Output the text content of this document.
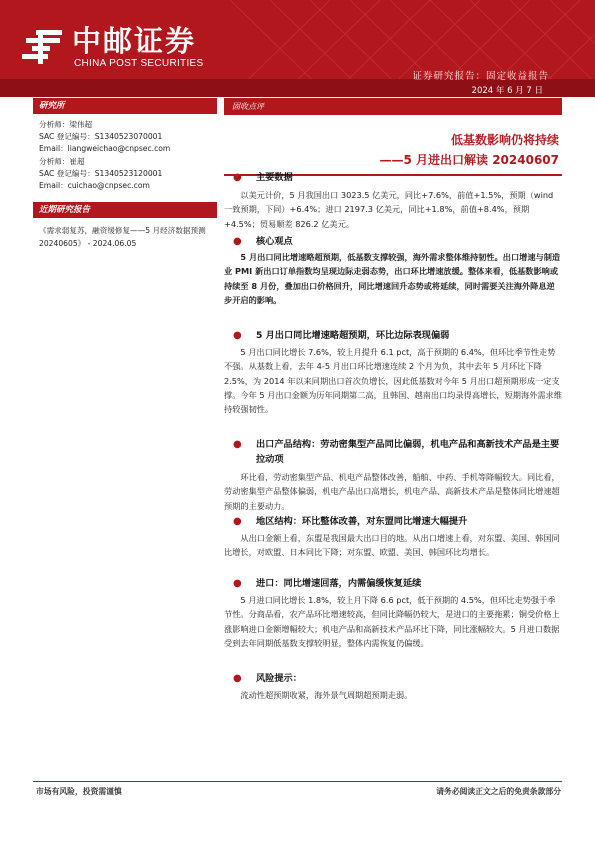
中邮证券
CHINA POST SECURITIES
证券研究报告：固定收益报告
2024 年 6 月 7 日
研究所
分析师：梁伟超
SAC 登记编号：S1340523070001
Email：liangweichao@cnpsec.com
分析师：崔超
SAC 登记编号：S1340523120001
Email：cuichao@cnpsec.com
近期研究报告
《需求弱复苏，融资缓修复——5 月经济数据预测 20240605》 - 2024.06.05
固收点评
低基数影响仍将持续
——5 月进出口解读 20240607
● 主要数据
以美元计价，5 月我国出口 3023.5 亿美元，同比+7.6%，前值+1.5%，预期（wind 一致预期，下同）+6.4%；进口 2197.3 亿美元，同比+1.8%，前值+8.4%，预期+4.5%；贸易顺差 826.2 亿美元。
● 核心观点
5 月出口同比增速略超预期，低基数支撑较强，海外需求整体维持韧性。出口增速与制造业 PMI 新出口订单指数均呈现边际走弱态势，出口环比增速放缓。整体来看，低基数影响或持续至 8 月份，叠加出口价格回升，同比增速回升态势或将延续，同时需要关注海外降息逆步开启的影响。
● 5 月出口同比增速略超预期，环比边际表现偏弱
5 月出口同比增长 7.6%，较上月提升 6.1 pct，高于预期的 6.4%，但环比季节性走势不强。从基数上看，去年 4-5 月出口环比增速连续 2 个月为负，其中去年 5 月环比下降 2.5%，为 2014 年以来同期出口首次负增长，因此低基数对今年 5 月出口超预期形成一定支撑。今年 5 月出口金额为历年同期第二高，且韩国、越南出口均录得高增长，短期海外需求维持较强韧性。
● 出口产品结构：劳动密集型产品同比偏弱，机电产品和高新技术产品是主要拉动项
环比看，劳动密集型产品、机电产品整体改善，船舶、中药、手机等降幅较大。同比看，劳动密集型产品整体偏弱，机电产品出口高增长，机电产品、高新技术产品是整体同比增速超预期的主要动力。
● 地区结构：环比整体改善，对东盟同比增速大幅提升
从出口金额上看，东盟是我国最大出口目的地。从出口增速上看，对东盟、美国、韩国同比增长，对欧盟、日本同比下降；对东盟、欧盟、美国、韩国环比均增长。
● 进口：同比增速回落，内需偏缓恢复延续
5 月进口同比增长 1.8%，较上月下降 6.6 pct，低于预期的 4.5%，但环比走势强于季节性。分商品看，农产品环比增速较高，但同比降幅仍较大，是进口的主要拖累；铜受价格上涨影响进口金额增幅较大；机电产品和高新技术产品环比下降，同比涨幅较大。5 月进口数据受到去年同期低基数支撑较明显，整体内需恢复仍偏缓。
● 风险提示：
流动性超预期收紧，海外景气周期超预期走弱。
市场有风险，投资需谨慎	请务必阅读正文之后的免责条款部分
